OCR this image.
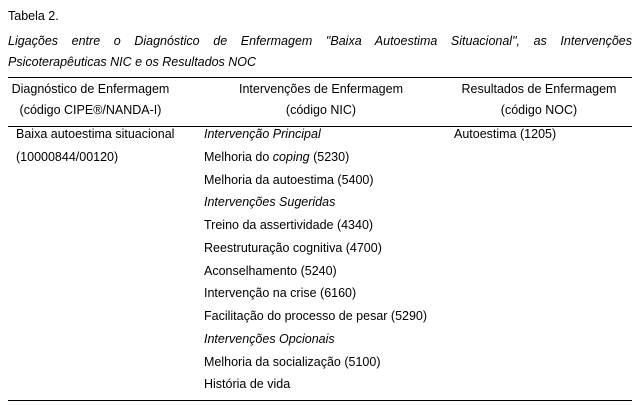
Tabela 2.
Ligações entre o Diagnóstico de Enfermagem "Baixa Autoestima Situacional", as Intervenções
Psicoterapêuticas NIC e os Resultados NOC
Diagnóstico de Enfermagem
(código CIPE®/NANDA-I)
Intervenções de Enfermagem
(código NIC)
Resultados de Enfermagem
(código NOC)
Baixa autoestima situacional
(10000844/00120)
Intervenção Principal
Melhoria do coping (5230)
Melhoria da autoestima (5400)
Intervenções Sugeridas
Treino da assertividade (4340)
Reestruturação cognitiva (4700)
Aconselhamento (5240)
Intervenção na crise (6160)
Facilitação do processo de pesar (5290)
Intervenções Opcionais
Melhoria da socialização (5100)
História de vida
Autoestima (1205)
